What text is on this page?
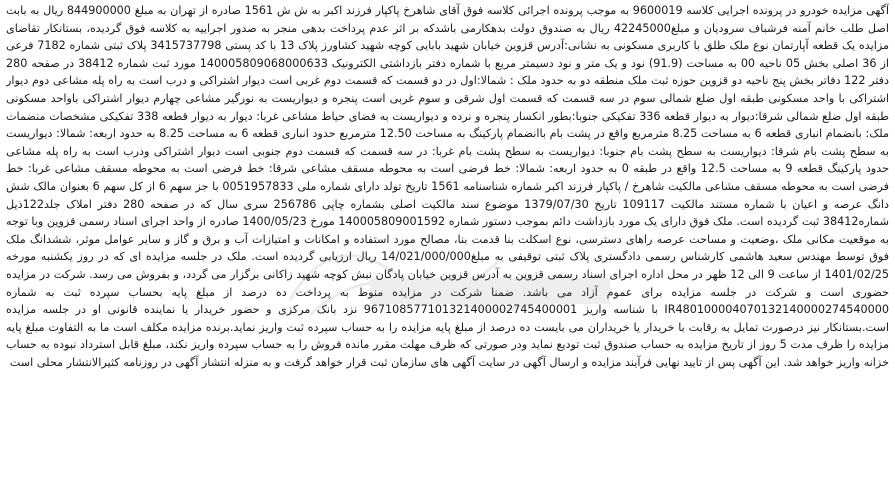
آگهی مزایده خودرو در پرونده اجرایی کلاسه 9600019 به موجب پرونده اجرائی کلاسه فوق آقای شاهرخ پاکپار فرزند اکبر به ش ش 1561 صادره از تهران به مبلغ 844900000 ریال به بابت اصل طلب خانم آمنه فرشباف سرودیان و مبلغ42245000 ریال به صندوق دولت بدهکارمی باشدکه بر اثر عدم پرداخت بدهی منجر به صدور اجراییه به کلاسه فوق گردیده، بستانکار تقاضای مزایده یک قطعه آپارتمان نوع ملک طلق با کاربری مسکونی به نشانی:آدرس قزوین خیابان شهید بابایی کوچه شهید کشاورز پلاک 13 با کد پستی 3415737798 پلاک ثبتی شماره 7182 فرعی از 36 اصلی بخش 05 ناحیه 00 به مساحت (91.9) نود و یک متر و نود دسیمتر مربع با شماره دفتر بازداشتی الکترونیک 140005809068000633 مورد ثبت شماره 38412 در صفحه 280 دفتر 122 دفاتر بخش پنج ناحیه دو قزوین حوزه ثبت ملک منطقه دو به حدود ملک : شمالا:اول در دو قسمت که قسمت دوم غربی است دیوار اشتراکی و درب است به راه پله مشاعی دوم دیوار اشتراکی با واحد مسکونی طبقه اول ضلع شمالی سوم در سه قسمت که قسمت اول شرقی و سوم غربی است پنجره و دیواریست به نورگیر مشاعی چهارم دیوار اشتراکی باواحد مسکونی طبقه اول ضلع شمالی شرقا:دیوار به دیوار قطعه 336 تفکیکی جنوبا:بطور انکسار پنجره و نرده و دیواریست به فضای حیاط مشاعی غربا: دیوار به دیوار قطعه 338 تفکیکی مشخصات منضمات ملک: بانضمام انباری قطعه 6 به مساحت 8.25 مترمربع واقع در پشت بام باانضمام پارکینگ به مساحت 12.50 مترمربع حدود انباری قطعه 6 به مساحت 8.25 به حدود اربعه: شمالا: دیواریست به سطح پشت بام شرقا: دیواریست به سطح پشت بام جنوبا: دیواریست به سطح پشت بام غربا: در سه قسمت که قسمت دوم جنوبی است دیوار اشتراکی ودرب است به راه پله مشاعی حدود پارکینگ قطعه 9 به مساحت 12.5 واقع در طبقه 0 به حدود اربعه: شمالا: خط فرضی است به محوطه مسقف مشاعی شرقا: خط فرضی است به محوطه مسقف مشاعی غربا: خط فرضی است به محوطه مسقف مشاعی مالکیت شاهرخ / پاکپار فرزند اکبر شماره شناسنامه 1561 تاریخ تولد دارای شماره ملی 0051957833 با جز سهم 6 از کل سهم 6 بعنوان مالک شش دانگ عرصه و اعیان با شماره مستند مالکیت 109117 تاریخ 1379/07/30 موضوع سند مالکیت اصلی بشماره چاپی 256786 سری سال که در صفحه 280 دفتر املاک جلد122ذیل شماره38412 ثبت گردیده است. ملک فوق دارای یک مورد بازداشت دائم بموجب دستور شماره 140005809001592 مورخ 1400/05/23 صادره از واحد اجرای اسناد رسمی قزوین وبا توجه به موقعیت مکانی ملک ،وضعیت و مساحت عرصه راهای دسترسی، نوع اسکلت بنا قدمت بنا، مصالح مورد استفاده و امکانات و امتیازات آب و برق و گاز و سایر عوامل موثر، ششدانگ ملک فوق توسط مهندس سعید هاشمی کارشناس رسمی دادگستری پلاک ثبتی توقیفی به مبلغ14/021/000/000 ریال ارزیابی گردیده است. ملک در جلسه مزایده ای که در روز یکشنبه مورخه 1401/02/25 از ساعت 9 الی 12 ظهر در محل اداره اجرای اسناد رسمی قزوین به آدرس قزوین خیابان پادگان نبش کوچه شهید زاکانی برگزار می گردد، و بفروش می رسد. شرکت در مزایده حضوری است و شرکت در جلسه مزایده برای عموم آزاد می باشد. ضمنا شرکت در مزایده منوط به پرداخت ده درصد از مبلغ پایه بحساب سپرده ثبت به شماره IR480100004070132140000274540000 با شناسه واریز 967108577101321400002745400001 نزد بانک مرکزی و حضور خریدار یا نماینده قانونی او در جلسه مزایده است.بستانکار نیز درصورت تمایل به رقابت با خریدار یا خریداران می بایست ده درصد از مبلغ پایه مزایده را به حساب سپرده ثبت واریز نماید.برنده مزایده مکلف است ما به التفاوت مبلغ پایه مزایده را ظرف مدت 5 روز از تاریخ مزایده به حساب صندوق ثبت تودیع نماید ودر صورتی که ظرف مهلت مقرر مانده فروش را به حساب سپرده واریز نکند، مبلغ قابل استرداد نبوده به حساب خزانه واریز خواهد شد. این آگهی پس از تایید نهایی فرآیند مزایده و ارسال آگهی در سایت آگهی های سازمان ثبت قرار خواهد گرفت و به منزله انتشار آگهی در روزنامه کثیرالانتشار محلی است
